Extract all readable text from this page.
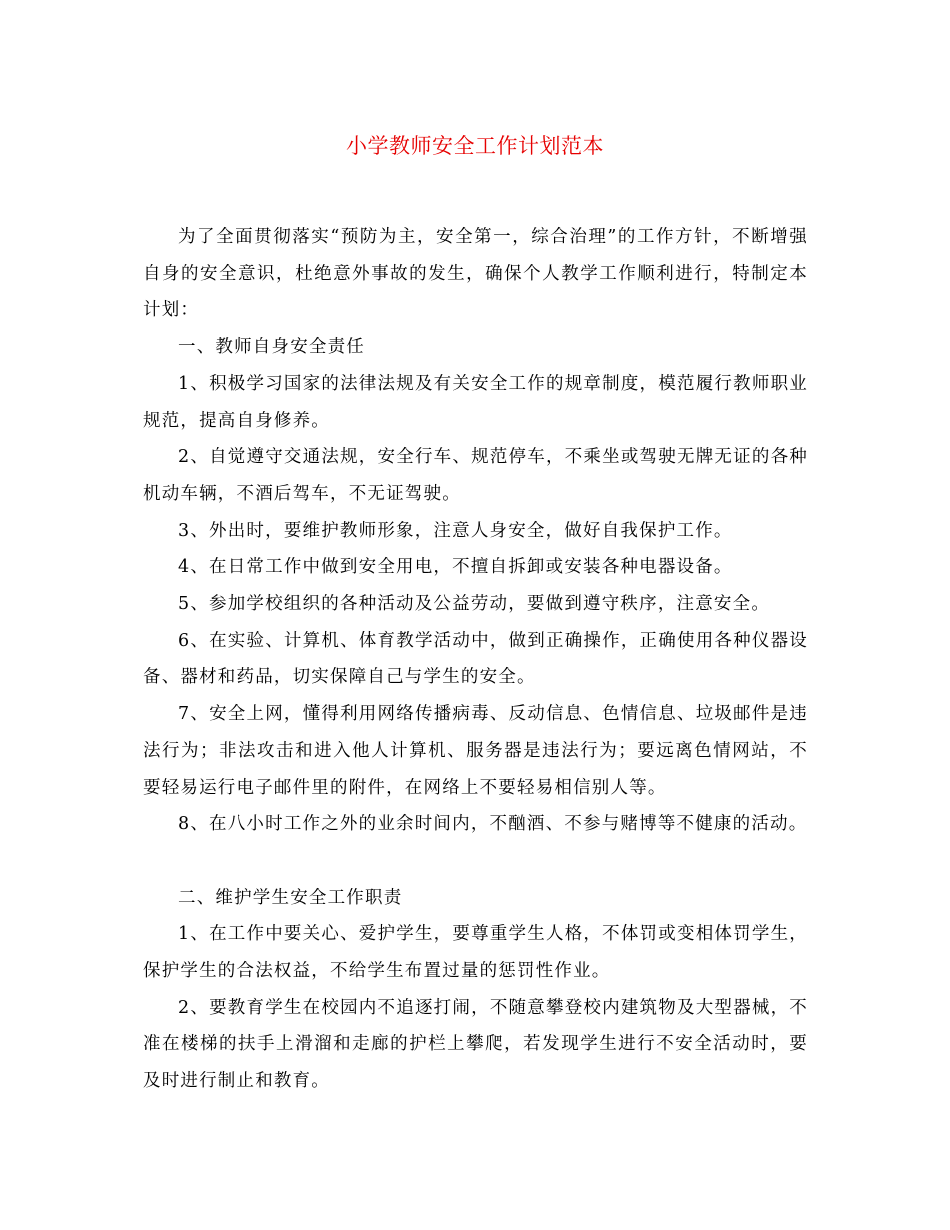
小学教师安全工作计划范本

为了全面贯彻落实“预防为主，安全第一，综合治理”的工作方针，不断增强自身的安全意识，杜绝意外事故的发生，确保个人教学工作顺利进行，特制定本计划：

一、教师自身安全责任

1、积极学习国家的法律法规及有关安全工作的规章制度，模范履行教师职业规范，提高自身修养。

2、自觉遵守交通法规，安全行车、规范停车，不乘坐或驾驶无牌无证的各种机动车辆，不酒后驾车，不无证驾驶。

3、外出时，要维护教师形象，注意人身安全，做好自我保护工作。

4、在日常工作中做到安全用电，不擅自拆卸或安装各种电器设备。

5、参加学校组织的各种活动及公益劳动，要做到遵守秩序，注意安全。

6、在实验、计算机、体育教学活动中，做到正确操作，正确使用各种仪器设备、器材和药品，切实保障自己与学生的安全。

7、安全上网，懂得利用网络传播病毒、反动信息、色情信息、垃圾邮件是违法行为；非法攻击和进入他人计算机、服务器是违法行为；要远离色情网站，不要轻易运行电子邮件里的附件，在网络上不要轻易相信别人等。

8、在八小时工作之外的业余时间内，不酗酒、不参与赌博等不健康的活动。

二、维护学生安全工作职责

1、在工作中要关心、爱护学生，要尊重学生人格，不体罚或变相体罚学生，保护学生的合法权益，不给学生布置过量的惩罚性作业。

2、要教育学生在校园内不追逐打闹，不随意攀登校内建筑物及大型器械，不准在楼梯的扶手上滑溜和走廊的护栏上攀爬，若发现学生进行不安全活动时，要及时进行制止和教育。
